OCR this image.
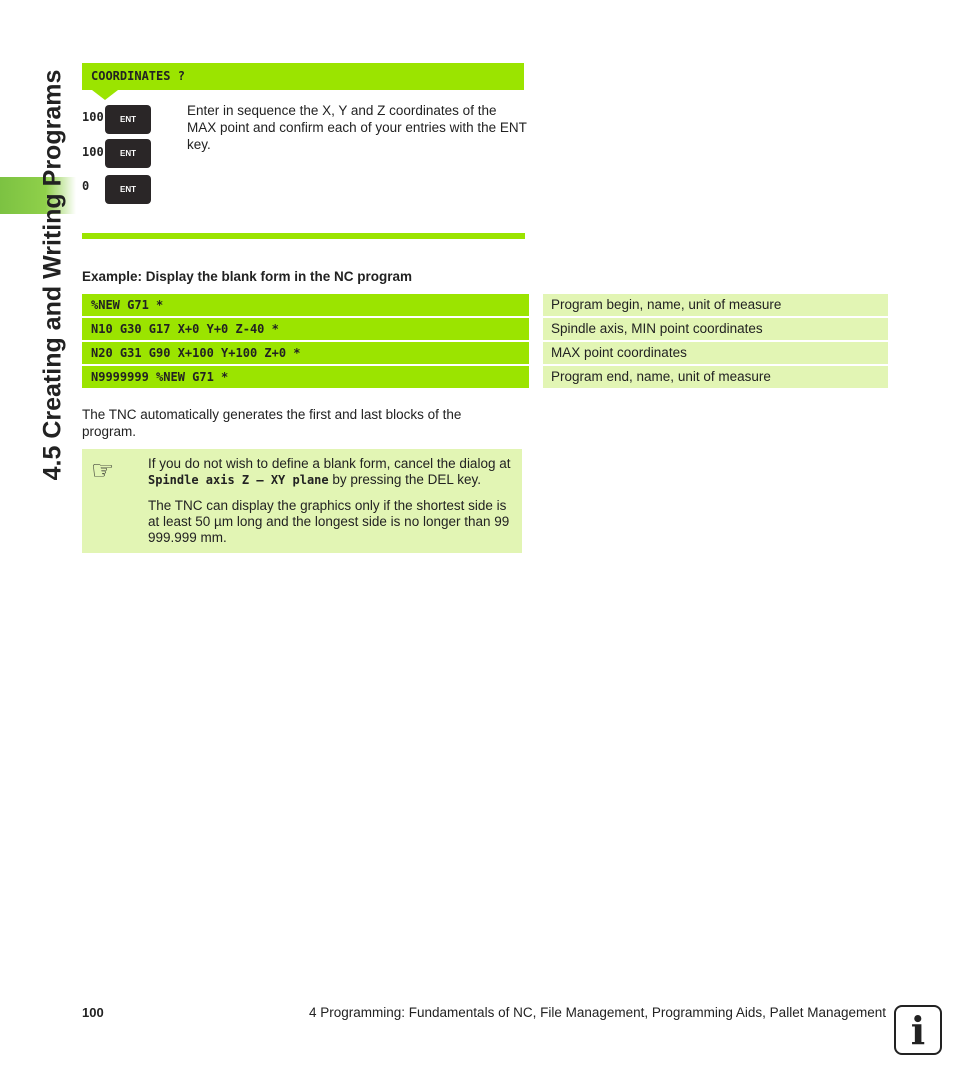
4.5 Creating and Writing Programs COORDINATES ?
100	ENT
100	ENT
0	ENT
Enter in sequence the X, Y and Z coordinates of the MAX point and confirm each of your entries with the ENT key.
Example: Display the blank form in the NC program
%NEW G71 *	Program begin, name, unit of measure
N10 G30 G17 X+0 Y+0 Z-40 *	Spindle axis, MIN point coordinates
N20 G31 G90 X+100 Y+100 Z+0 *	MAX point coordinates
N9999999 %NEW G71 *	Program end, name, unit of measure
The TNC automatically generates the first and last blocks of the program.
☞ If you do not wish to define a blank form, cancel the dialog at Spindle axis Z – XY plane by pressing the DEL key.

The TNC can display the graphics only if the shortest side is at least 50 µm long and the longest side is no longer than 99 999.999 mm.

100	4 Programming: Fundamentals of NC, File Management, Programming Aids, Pallet Management i
